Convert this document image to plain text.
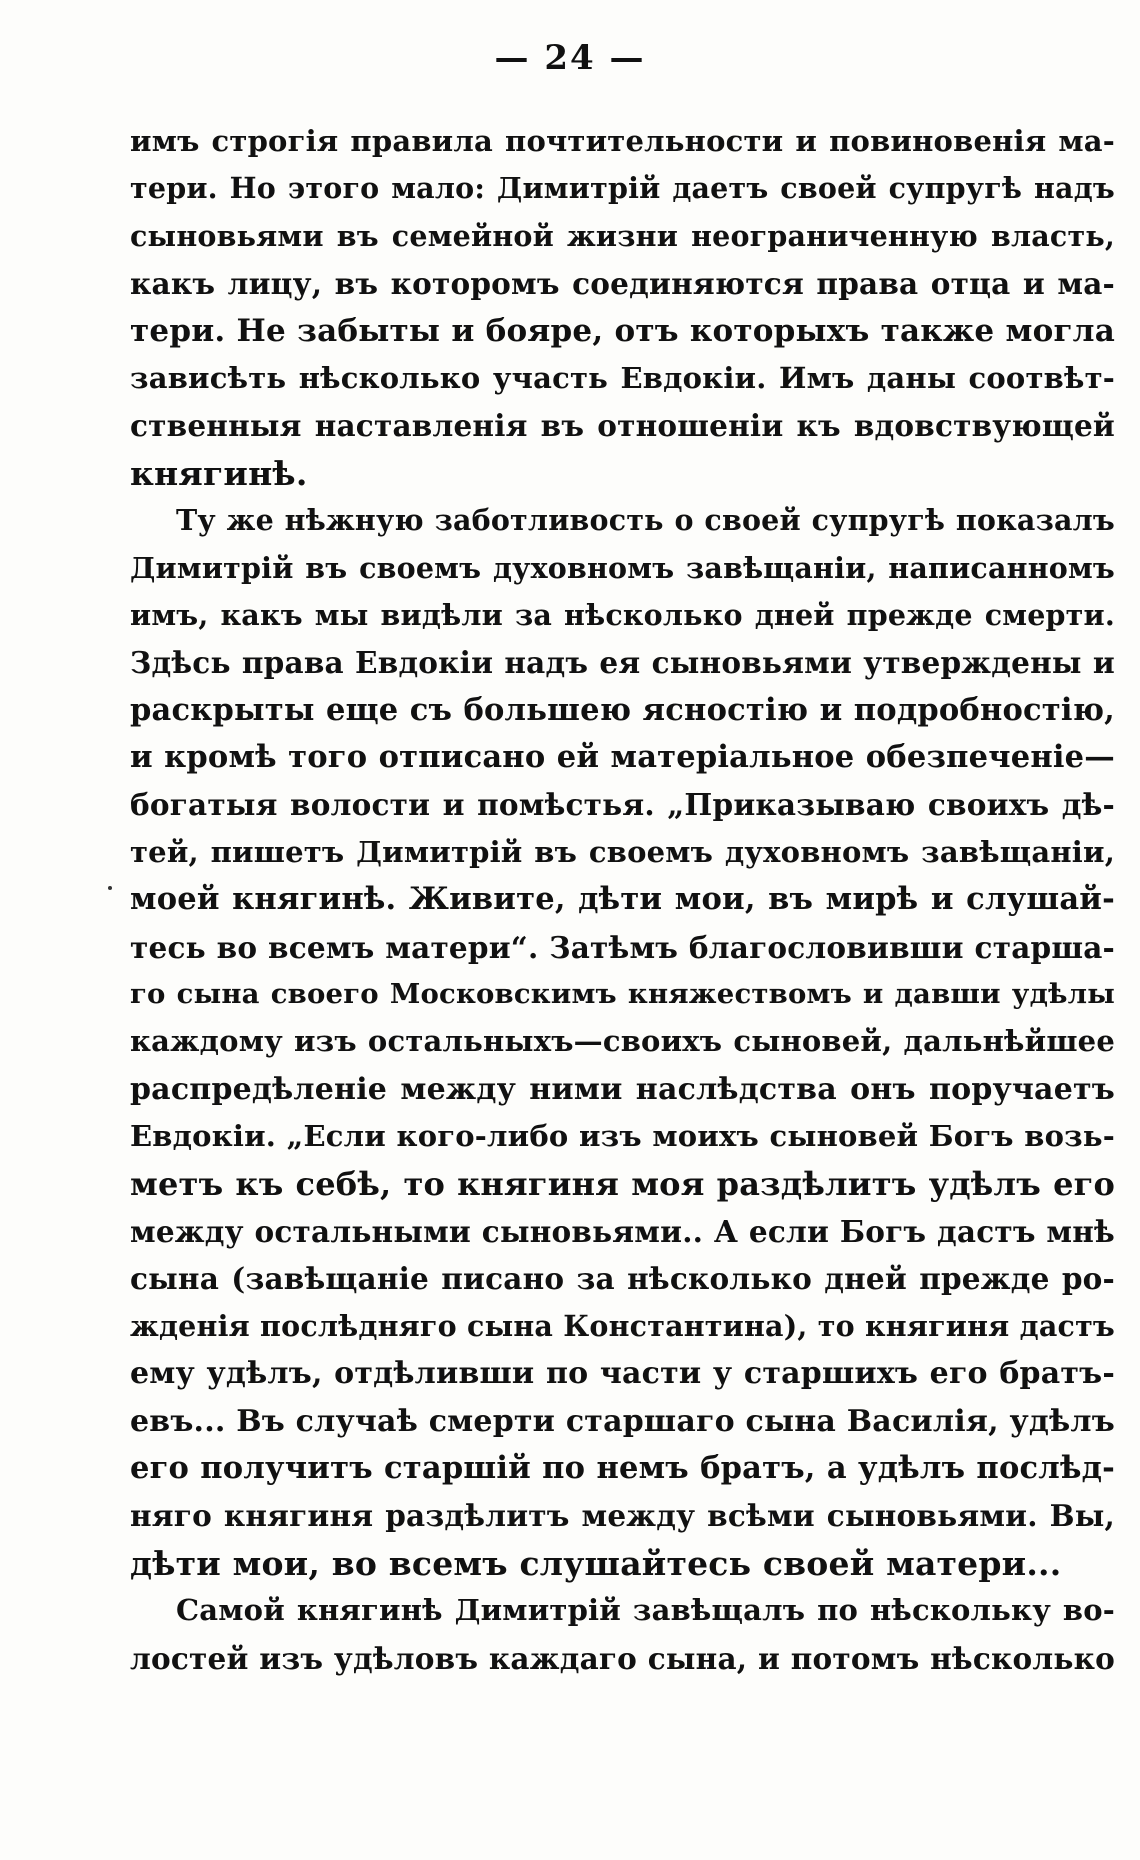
— 24 —
имъ строгія правила почтительности и повиновенія ма-
тери. Но этого мало: Димитрій даетъ своей супругѣ надъ
сыновьями въ семейной жизни неограниченную власть,
какъ лицу, въ которомъ соединяются права отца и ма-
тери. Не забыты и бояре, отъ которыхъ также могла
зависѣть нѣсколько участь Евдокіи. Имъ даны соотвѣт-
ственныя наставленія въ отношеніи къ вдовствующей
княгинѣ.
Ту же нѣжную заботливость о своей супругѣ показалъ
Димитрій въ своемъ духовномъ завѣщаніи, написанномъ
имъ, какъ мы видѣли за нѣсколько дней прежде смерти.
Здѣсь права Евдокіи надъ ея сыновьями утверждены и
раскрыты еще съ большею ясностію и подробностію,
и кромѣ того отписано ей матеріальное обезпеченіе—
богатыя волости и помѣстья. „Приказываю своихъ дѣ-
тей, пишетъ Димитрій въ своемъ духовномъ завѣщаніи,
моей княгинѣ. Живите, дѣти мои, въ мирѣ и слушай-
тесь во всемъ матери“. Затѣмъ благословивши старша-
го сына своего Московскимъ княжествомъ и давши удѣлы
каждому изъ остальныхъ—своихъ сыновей, дальнѣйшее
распредѣленіе между ними наслѣдства онъ поручаетъ
Евдокіи. „Если кого-либо изъ моихъ сыновей Богъ возь-
метъ къ себѣ, то княгиня моя раздѣлитъ удѣлъ его
между остальными сыновьями.. А если Богъ дастъ мнѣ
сына (завѣщаніе писано за нѣсколько дней прежде ро-
жденія послѣдняго сына Константина), то княгиня дастъ
ему удѣлъ, отдѣливши по части у старшихъ его братъ-
евъ... Въ случаѣ смерти старшаго сына Василія, удѣлъ
его получитъ старшій по немъ братъ, а удѣлъ послѣд-
няго княгиня раздѣлитъ между всѣми сыновьями. Вы,
дѣти мои, во всемъ слушайтесь своей матери...
Самой княгинѣ Димитрій завѣщалъ по нѣскольку во-
лостей изъ удѣловъ каждаго сына, и потомъ нѣсколько
